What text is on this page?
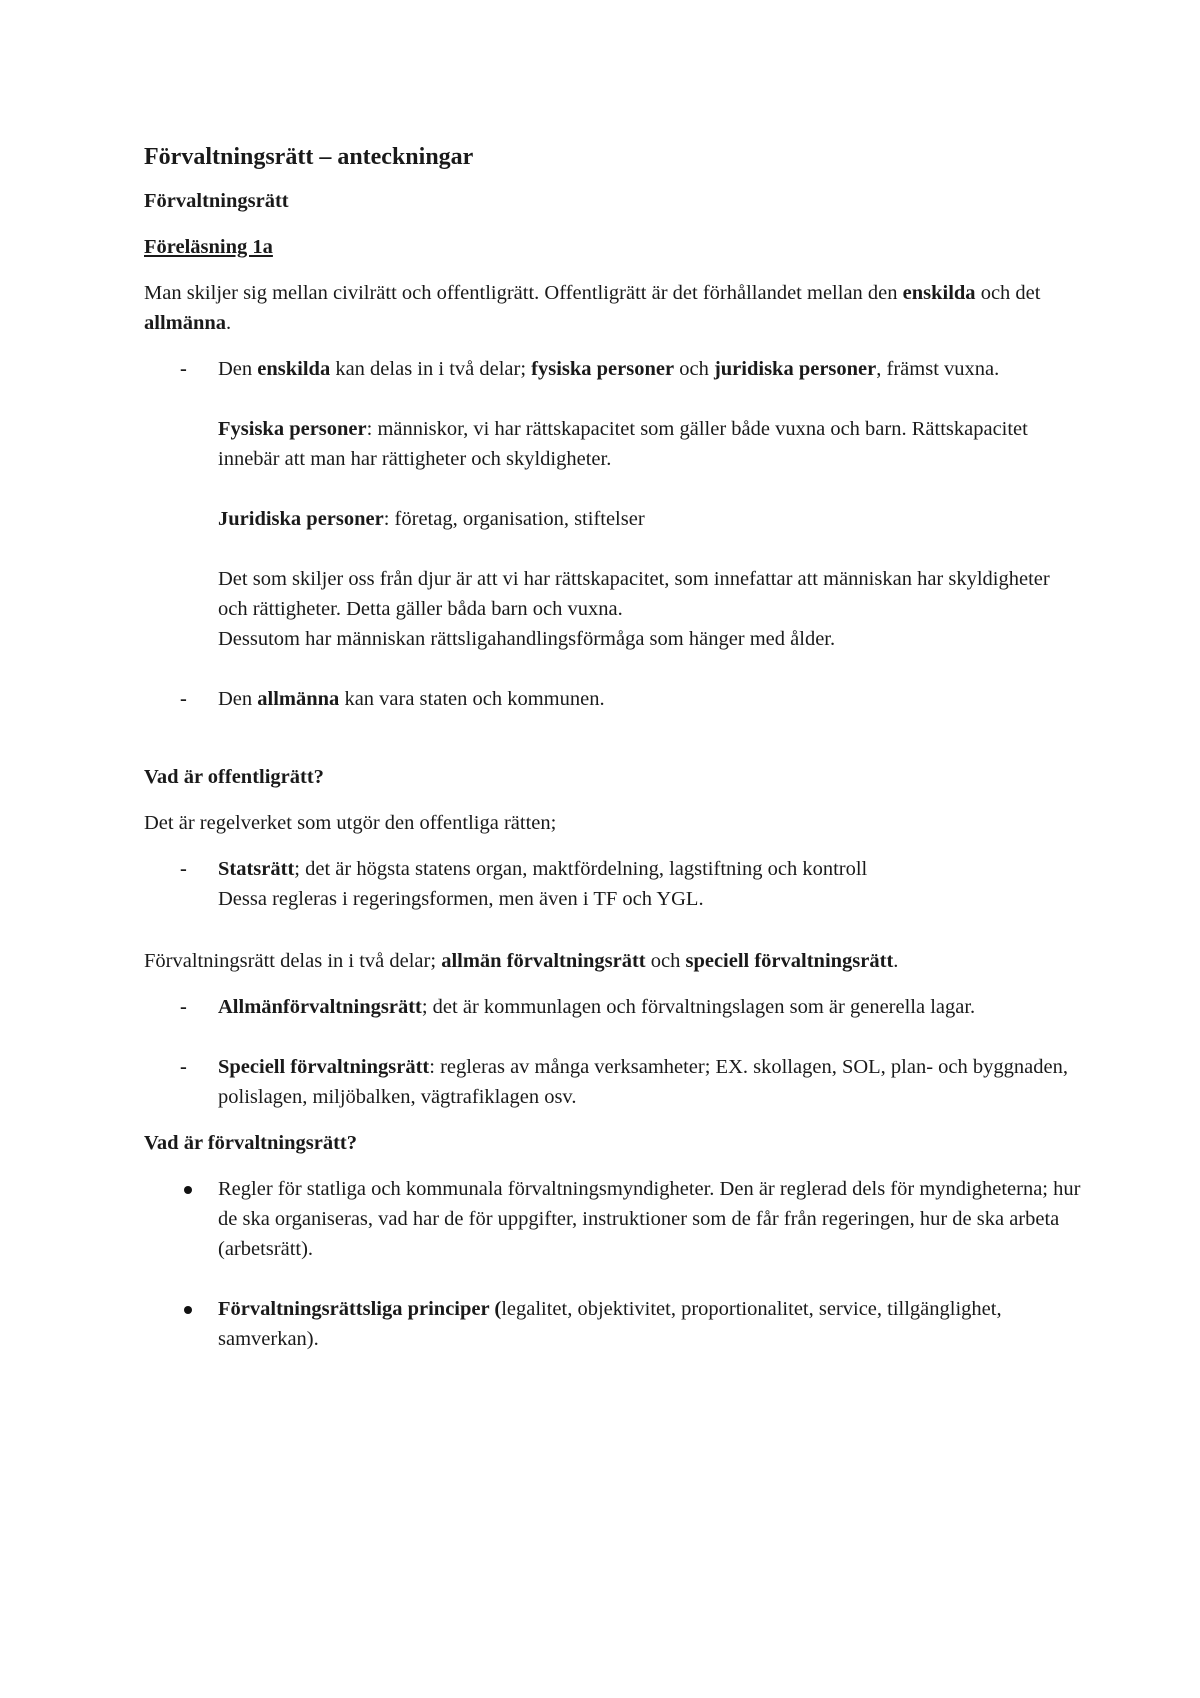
Förvaltningsrätt – anteckningar

Förvaltningsrätt

Föreläsning 1a

Man skiljer sig mellan civilrätt och offentligrätt. Offentligrätt är det förhållandet mellan den enskilda och det allmänna.

- Den enskilda kan delas in i två delar; fysiska personer och juridiska personer, främst vuxna.

Fysiska personer: människor, vi har rättskapacitet som gäller både vuxna och barn. Rättskapacitet innebär att man har rättigheter och skyldigheter.

Juridiska personer: företag, organisation, stiftelser

Det som skiljer oss från djur är att vi har rättskapacitet, som innefattar att människan har skyldigheter och rättigheter. Detta gäller båda barn och vuxna.

Dessutom har människan rättsligahandlingsförmåga som hänger med ålder.

- Den allmänna kan vara staten och kommunen.

Vad är offentligrätt?

Det är regelverket som utgör den offentliga rätten;

- Statsrätt; det är högsta statens organ, maktfördelning, lagstiftning och kontroll

Dessa regleras i regeringsformen, men även i TF och YGL.

Förvaltningsrätt delas in i två delar; allmän förvaltningsrätt och speciell förvaltningsrätt.

- Allmänförvaltningsrätt; det är kommunlagen och förvaltningslagen som är generella lagar.

- Speciell förvaltningsrätt: regleras av många verksamheter; EX. skollagen, SOL, plan- och byggnaden, polislagen, miljöbalken, vägtrafiklagen osv.

Vad är förvaltningsrätt?

Regler för statliga och kommunala förvaltningsmyndigheter. Den är reglerad dels för myndigheterna; hur de ska organiseras, vad har de för uppgifter, instruktioner som de får från regeringen, hur de ska arbeta (arbetsrätt).

Förvaltningsrättsliga principer (legalitet, objektivitet, proportionalitet, service, tillgänglighet, samverkan).
